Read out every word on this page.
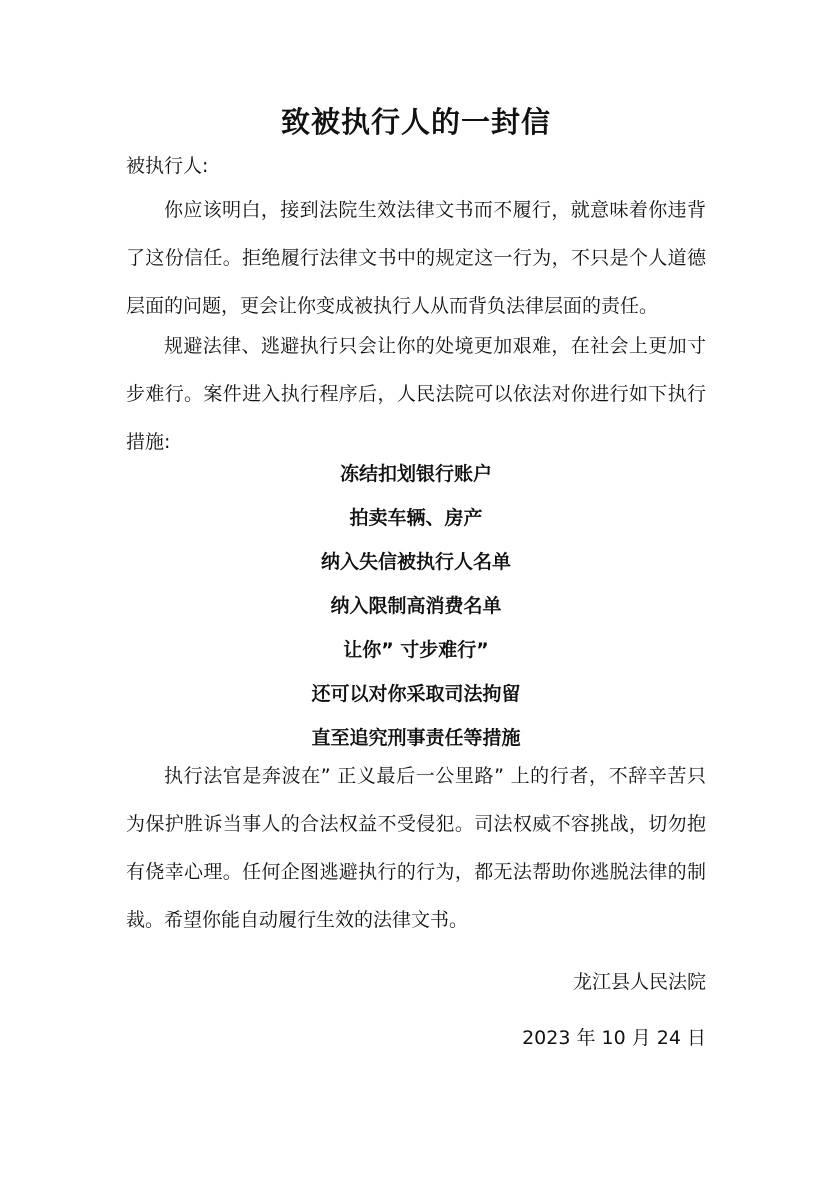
致被执行人的一封信
被执行人:

你应该明白，接到法院生效法律文书而不履行，就意味着你违背了这份信任。拒绝履行法律文书中的规定这一行为，不只是个人道德层面的问题，更会让你变成被执行人从而背负法律层面的责任。

规避法律、逃避执行只会让你的处境更加艰难，在社会上更加寸步难行。案件进入执行程序后，人民法院可以依法对你进行如下执行措施:

冻结扣划银行账户
拍卖车辆、房产
纳入失信被执行人名单
纳入限制高消费名单
让你” 寸步难行”
还可以对你采取司法拘留
直至追究刑事责任等措施

执行法官是奔波在” 正义最后一公里路” 上的行者，不辞辛苦只为保护胜诉当事人的合法权益不受侵犯。司法权威不容挑战，切勿抱有侥幸心理。任何企图逃避执行的行为，都无法帮助你逃脱法律的制裁。希望你能自动履行生效的法律文书。

龙江县人民法院
2023 年 10 月 24 日
